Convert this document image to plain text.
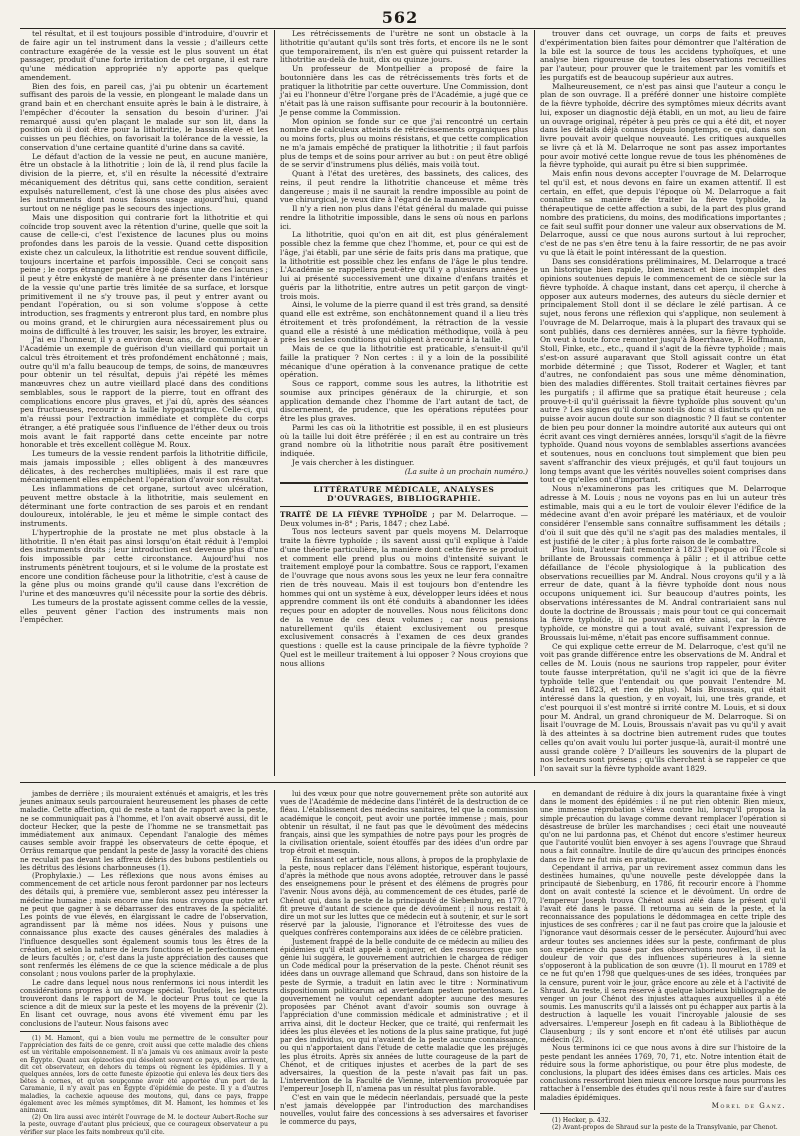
562

tel résultat, et il est toujours possible d'introduire, d'ouvrir et de faire agir un tel instrument dans la vessie ; d'ailleurs cette contracture exagérée de la vessie est le plus souvent un état passager, produit d'une forte irritation de cet organe, il est rare qu'une médication appropriée n'y apporte pas quelque amendement.

Bien des fois, en pareil cas, j'ai pu obtenir un écartement suffisant des parois de la vessie, en plongeant le malade dans un grand bain et en cherchant ensuite après le bain à le distraire, à l'empêcher d'écouter la sensation du besoin d'uriner. J'ai remarqué aussi qu'en plaçant le malade sur son lit, dans la position où il doit être pour la lithotritie, le bassin élevé et les cuisses un peu fléchies, on favorisait la tolérance de la vessie, la conservation d'une certaine quantité d'urine dans sa cavité.

Le défaut d'action de la vessie ne peut, en aucune manière, être un obstacle à la lithotritie ; loin de là, il rend plus facile la division de la pierre, et, s'il en résulte la nécessité d'extraire mécaniquement des détritus qui, sans cette condition, seraient expulsés naturellement, c'est là une chose des plus aisées avec les instruments dont nous faisons usage aujourd'hui, quand surtout on ne néglige pas le secours des injections.

Mais une disposition qui contrarie fort la lithotritie et qui coïncide trop souvent avec la rétention d'urine, quelle que soit la cause de celle-ci, c'est l'existence de lacunes plus ou moins profondes dans les parois de la vessie. Quand cette disposition existe chez un calculeux, la lithotritie est rendue souvent difficile, toujours incertaine et parfois impossible. Ceci se conçoit sans peine ; le corps étranger peut être logé dans une de ces lacunes ; il peut y être enkysté de manière à ne présenter dans l'intérieur de la vessie qu'une partie très limitée de sa surface, et lorsque primitivement il ne s'y trouve pas, il peut y entrer avant ou pendant l'opération, ou si son volume s'oppose à cette introduction, ses fragments y entreront plus tard, en nombre plus ou moins grand, et le chirurgien aura nécessairement plus ou moins de difficulté à les trouver, les saisir, les broyer, les extraire.

J'ai eu l'honneur, il y a environ deux ans, de communiquer à l'Académie un exemple de guérison d'un vieillard qui portait un calcul très étroitement et très profondément enchâtonné ; mais, outre qu'il m'a fallu beaucoup de temps, de soins, de manœuvres pour obtenir un tel résultat, depuis j'ai répété les mêmes manœuvres chez un autre vieillard placé dans des conditions semblables, sous le rapport de la pierre, tout en offrant des complications encore plus graves, et j'ai dû, après des séances peu fructueuses, recourir à la taille hypogastrique. Celle-ci, qui m'a réussi pour l'extraction immédiate et complète du corps étranger, a été pratiquée sous l'influence de l'éther deux ou trois mois avant le fait rapporté dans cette enceinte par notre honorable et très excellent collègue M. Roux.

Les tumeurs de la vessie rendent parfois la lithotritie difficile, mais jamais impossible ; elles obligent à des manœuvres délicates, à des recherches multipliées, mais il est rare que mécaniquement elles empêchent l'opération d'avoir son résultat.

Les inflammations de cet organe, surtout avec ulcération, peuvent mettre obstacle à la lithotritie, mais seulement en déterminant une forte contraction de ses parois et en rendant douloureux, intolérable, le jeu et même le simple contact des instruments.

L'hypertrophie de la prostate ne met plus obstacle à la lithotritie. Il n'en était pas ainsi lorsqu'on était réduit à l'emploi des instruments droits ; leur introduction est devenue plus d'une fois impossible par cette circonstance. Aujourd'hui nos instruments pénètrent toujours, et si le volume de la prostate est encore une condition fâcheuse pour la lithotritie, c'est à cause de la gêne plus ou moins grande qu'il cause dans l'excrétion de l'urine et des manœuvres qu'il nécessite pour la sortie des débris.

Les tumeurs de la prostate agissent comme celles de la vessie, elles peuvent gêner l'action des instruments mais non l'empêcher.

Les rétrécissements de l'urètre ne sont un obstacle à la lithotritie qu'autant qu'ils sont très forts, et encore ils ne le sont que temporairement, ils n'en est guère qui puissent retarder la lithotritie au-delà de huit, dix ou quinze jours.

Un professeur de Montpellier a proposé de faire la boutonnière dans les cas de rétrécissements très forts et de pratiquer la lithotritie par cette ouverture. Une Commission, dont j'ai eu l'honneur d'être l'organe près de l'Académie, a jugé que ce n'était pas là une raison suffisante pour recourir à la boutonnière. Je pense comme la Commission.

Mon opinion se fonde sur ce que j'ai rencontré un certain nombre de calculeux atteints de rétrécissements organiques plus ou moins forts, plus ou moins résistans, et que cette complication ne m'a jamais empêché de pratiquer la lithotritie ; il faut parfois plus de temps et de soins pour arriver au but : on peut être obligé de se servir d'instrumens plus déliés, mais voilà tout.

Quant à l'état des uretères, des bassinets, des calices, des reins, il peut rendre la lithotritie chanceuse et même très dangereuse ; mais il ne saurait la rendre impossible au point de vue chirurgical, je veux dire à l'égard de la manœuvre.

Il n'y a rien non plus dans l'état général du malade qui puisse rendre la lithotritie impossible, dans le sens où nous en parlons ici.

La lithotritie, quoi qu'on en ait dit, est plus généralement possible chez la femme que chez l'homme, et, pour ce qui est de l'âge, j'ai établi, par une série de faits pris dans ma pratique, que la lithotritie est possible chez les enfans de l'âge le plus tendre. L'Académie se rappellera peut-être qu'il y a plusieurs années je lui ai présenté successivement une dixaine d'enfans traités et guéris par la lithotritie, entre autres un petit garçon de vingt-trois mois.

Ainsi, le volume de la pierre quand il est très grand, sa densité quand elle est extrême, son enchâtonnement quand il a lieu très étroitement et très profondément, la rétraction de la vessie quand elle a résisté à une médication méthodique, voilà à peu près les seules conditions qui obligent à recourir à la taille.

Mais de ce que la lithotritie est praticable, s'ensuit-il qu'il faille la pratiquer ? Non certes : il y a loin de la possibilité mécanique d'une opération à la convenance pratique de cette opération.

Sous ce rapport, comme sous les autres, la lithotritie est soumise aux principes généraux de la chirurgie, et son application demande chez l'homme de l'art autant de tact, de discernement, de prudence, que les opérations réputées pour être les plus graves.

Parmi les cas où la lithotritie est possible, il en est plusieurs où la taille lui doit être préférée ; il en est au contraire un très grand nombre où la lithotritie nous paraît être positivement indiquée.

Je vais chercher à les distinguer.

(La suite à un prochain numéro.)

LITTÉRATURE MÉDICALE, ANALYSES D'OUVRAGES, BIBLIOGRAPHIE.

TRAITÉ DE LA FIÈVRE TYPHOÏDE ; par M. Delarroque. — Deux volumes in-8° ; Paris, 1847 ; chez Labé.

Tous nos lecteurs savent par quels moyens M. Delarroque traite la fièvre typhoïde ; ils savent aussi qu'il explique à l'aide d'une théorie particulière, la manière dont cette fièvre se produit et comment elle prend plus ou moins d'intensité suivant le traitement employé pour la combattre. Sous ce rapport, l'examen de l'ouvrage que nous avons sous les yeux ne leur fera connaître rien de très nouveau. Mais il est toujours bon d'entendre les hommes qui ont un système à eux, développer leurs idées et nous apprendre comment ils ont été conduits à abandonner les idées reçues pour en adopter de nouvelles. Nous nous félicitons donc de la venue de ces deux volumes ; car nous pensions naturellement qu'ils étaient exclusivement ou presque exclusivement consacrés à l'examen de ces deux grandes questions : quelle est la cause principale de la fièvre typhoïde ? Quel est le meilleur traitement à lui opposer ? Nous croyions que nous allions

trouver dans cet ouvrage, un corps de faits et preuves d'expérimentation bien faites pour démontrer que l'altération de la bile est la source de tous les accidens typhoïques, et une analyse bien rigoureuse de toutes les observations recueillies par l'auteur, pour prouver que le traitement par les vomitifs et les purgatifs est de beaucoup supérieur aux autres.

Malheureusement, ce n'est pas ainsi que l'auteur a conçu le plan de son ouvrage. Il a préféré donner une histoire complète de la fièvre typhoïde, décrire des symptômes mieux décrits avant lui, exposer un diagnostic déjà établi, en un mot, au lieu de faire un ouvrage original, répéter à peu près ce qui a été dit, et noyer dans les détails déjà connus depuis longtemps, ce qui, dans son livre pouvait avoir quelque nouveauté. Les critiques auxquelles se livre çà et là M. Delarroque ne sont pas assez importantes pour avoir motivé cette longue revue de tous les phénomènes de la fièvre typhoïde, qui aurait pu être si bien supprimée.

Mais enfin nous devons accepter l'ouvrage de M. Delarroque tel qu'il est, et nous devons en faire un examen attentif. Il est certain, en effet, que depuis l'époque où M. Delarroque a fait connaître sa manière de traiter la fièvre typhoïde, la thérapeutique de cette affection a subi, de la part des plus grand nombre des praticiens, du moins, des modifications importantes ; ce fait seul suffit pour donner une valeur aux observations de M. Delarroque, aussi ce que nous aurons surtout à lui reprocher, c'est de ne pas s'en être tenu à la faire ressortir, de ne pas avoir vu que là était le point intéressant de la question.

Dans ses considérations préliminaires, M. Delarroque a tracé un historique bien rapide, bien inexact et bien incomplet des opinions soutenues depuis le commencement de ce siècle sur la fièvre typhoïde. À chaque instant, dans cet aperçu, il cherche à opposer aux auteurs modernes, des auteurs du siècle dernier et principalement Stoll dont il se déclare le zélé partisan. À ce sujet, nous ferons une réflexion qui s'applique, non seulement à l'ouvrage de M. Delarroque, mais à la plupart des travaux qui se sont publiés, dans ces dernières années, sur la fièvre typhoïde. On veut à toute force remonter jusqu'à Boerrhaave, F. Hoffmann, Stoll, Finke, etc., etc., quand il s'agit de la fièvre typhoïde ; mais s'est-on assuré auparavant que Stoll agissait contre un état morbide déterminé ; que Tissot, Roderer et Wagler, et tant d'autres, ne confondaient pas sous une même dénomination, bien des maladies différentes. Stoll traitait certaines fièvres par les purgatifs ; il affirme que sa pratique était heureuse ; cela prouve-t-il qu'il guérissait la fièvre typhoïde plus souvent qu'un autre ? Les signes qu'il donne sont-ils donc si distincts qu'on ne puisse avoir aucun doute sur son diagnostic ? Il faut se contenter de bien peu pour donner la moindre autorité aux auteurs qui ont écrit avant ces vingt dernières années, lorsqu'il s'agit de la fièvre typhoïde. Quand nous voyons de semblables assertions avancées et soutenues, nous en concluons tout simplement que bien peu savent s'affranchir des vieux préjugés, et qu'il faut toujours un long temps avant que les vérités nouvelles soient comprises dans tout ce qu'elles ont d'important.

Nous n'examinerons pas les critiques que M. Delarroque adresse à M. Louis ; nous ne voyons pas en lui un auteur très estimable, mais qui a eu le tort de vouloir élever l'édifice de la médecine avant d'en avoir préparé les matériaux, et de vouloir considérer l'ensemble sans connaître suffisamment les détails ; d'où il suit que dès qu'il ne s'agit pas des maladies mentales, il est justifié de le citer ; à plus forte raison de le combattre.

Plus loin, l'auteur fait remonter à 1823 l'époque où l'École si brillante de Broussais commença à pâlir ; et il attribue cette défaillance de l'école physiologique à la publication des observations recueillies par M. Andral. Nous croyons qu'il y a là erreur de date, quant à la fièvre typhoïde dont nous nous occupons uniquement ici. Sur beaucoup d'autres points, les observations intéressantes de M. Andral contrariaient sans nul doute la doctrine de Broussais ; mais pour tout ce qui concernait la fièvre typhoïde, il ne pouvait en être ainsi, car la fièvre typhoïde, ce monstre qui a tout avalé, suivant l'expression de Broussais lui-même, n'était pas encore suffisamment connue.

Ce qui explique cette erreur de M. Delarroque, c'est qu'il ne voit pas grande différence entre les observations de M. Andral et celles de M. Louis (nous ne saurions trop rappeler, pour éviter toute fausse interprétation, qu'il ne s'agit ici que de la fièvre typhoïde telle que l'entendait ou que pouvait l'entendre M. Andral en 1823, et rien de plus). Mais Broussais, qui était intéressé dans la question, y en voyait, lui, une très grande, et c'est pourquoi il s'est montré si irrité contre M. Louis, et si doux pour M. Andral, un grand chroniqueur de M. Delarroque. Si on lisait l'ouvrage de M. Louis, Broussais n'avait pas vu qu'il y avait là des atteintes à sa doctrine bien autrement rudes que toutes celles qu'on avait voulu lui porter jusque-là, aurait-il montré une aussi grande colère ? D'ailleurs les souvenirs de la plupart de nos lecteurs sont présens ; qu'ils cherchent à se rappeler ce que l'on savait sur la fièvre typhoïde avant 1829.

jambes de derrière ; ils mouraient exténués et amaigris, et les très jeunes animaux seuls parcouraient heureusement les phases de cette maladie. Cette affection, qui de reste a tant de rapport avec la peste, ne se communiquait pas à l'homme, et l'on avait observé aussi, dit le docteur Hecker, que la peste de l'homme ne se transmettait pas immédiatement aux animaux. Cependant l'analogie des mêmes causes semble avoir frappé les observateurs de cette époque, et Orräus remarque que pendant la peste de Jassy la voracité des chiens ne reculait pas devant les affreux débris des bubons pestilentiels ou les détritus des lésions charbonneuses (1).

(Prophylaxie.) — Les réflexions que nous avons émises au commencement de cet article nous feront pardonner par nos lecteurs des détails qui, à première vue, sembleront assez peu intéresser la médecine humaine ; mais encore une fois nous croyons que notre art ne peut que gagner à se débarrasser des entraves de la spécialité. Les points de vue élevés, en élargissant le cadre de l'observation, agrandissent par là même nos idées. Nous y puisons une connaissance plus exacte des causes générales des maladies à l'influence desquelles sont également soumis tous les êtres de la création, et selon la nature de leurs fonctions et le perfectionnement de leurs facultés ; or, c'est dans la juste appréciation des causes que sont renfermés les élémens de ce que la science médicale a de plus consolant ; nous voulons parler de la prophylaxie.

Le cadre dans lequel nous nous renfermons ici nous interdit les considérations propres à un ouvrage spécial. Toutefois, les lecteurs trouveront dans le rapport de M. le docteur Prus tout ce que la science a dit de mieux sur la peste et les moyens de la prévenir (2). En lisant cet ouvrage, nous avons été vivement ému par les conclusions de l'auteur. Nous faisons avec

(1) M. Hamont, qui a bien voulu me permettre de le consulter pour l'appréciation des faits de ce genre, croit aussi que cette maladie des chiens est un véritable empoisonnement. Il n'a jamais vu ces animaux avoir la peste en Égypte. Quant aux épizooties qui désolent souvent ce pays, elles arrivent, dit cet observateur, en dehors du temps où règnent les épidémies. Il y a quelques années, lors de cette funeste épizootie qui enleva les deux tiers des bêtes à cornes, et qu'on soupçonne avoir été apportée d'un port de la Caramanie, il n'y avait pas en Égypte d'épidémie de peste. Il y a d'autres maladies, la cachexie aqueuse des moutons, qui, dans ce pays, frappe également avec les mêmes symptômes, dit M. Hamont, les hommes et les animaux.

(2) On lira aussi avec intérêt l'ouvrage de M. le docteur Aubert-Roche sur la peste, ouvrage d'autant plus précieux, que ce courageux observateur a pu vérifier sur place les faits nombreux qu'il cite.

lui des vœux pour que notre gouvernement prête son autorité aux vues de l'Académie de médecine dans l'intérêt de la destruction de ce fléau. L'établissement des médecins sanitaires, tel que la commission académique le conçoit, peut avoir une portée immense ; mais, pour obtenir un résultat, il ne faut pas que le dévoûment des médecins français, ainsi que les sympathies de notre pays pour les progrès de la civilisation orientale, soient étouffés par des idées d'un ordre par trop étroit et mesquin.

En finissant cet article, nous allons, à propos de la prophylaxie de la peste, nous replacer dans l'élément historique, espérant toujours, d'après la méthode que nous avons adoptée, retrouver dans le passé des enseignemens pour le présent et des élémens de progrès pour l'avenir. Nous avons déjà, au commencement de ces études, parlé de Chénot qui, dans la peste de la principauté de Siebenburg, en 1770, fit preuve d'autant de science que de dévoûment ; il nous restait à dire un mot sur les luttes que ce médecin eut à soutenir, et sur le sort réservé par la jalousie, l'ignorance et l'étroitesse des vues de quelques confrères contemporains aux idées de ce célèbre praticien.

Justement frappé de la belle conduite de ce médecin au milieu des épidémies qu'il était appelé à conjurer, et des ressources que son génie lui suggéra, le gouvernement autrichien le chargea de rédiger un Code médical pour la préservation de la peste. Chénot réunit ses idées dans un ouvrage allemand que Schraud, dans son histoire de la peste de Syrmie, a traduit en latin avec le titre : Norminativum dispositionum politicarum ad avertendam pestem portentosam. Le gouvernement ne voulut cependant adopter aucune des mesures proposées par Chénot avant d'avoir soumis son ouvrage à l'appréciation d'une commission médicale et administrative ; et il arriva ainsi, dit le docteur Hecker, que ce traité, qui renfermait les idées les plus élevées et les notions de la plus saine pratique, fut jugé par des individus, ou qui n'avaient de la peste aucune connaissance, ou qui n'apportaient dans l'étude de cette maladie que les préjugés les plus étroits. Après six années de lutte courageuse de la part de Chénot, et de critiques injustes et acerbes de la part de ses adversaires, la question de la peste n'avait pas fait un pas. L'intervention de la Faculté de Vienne, intervention provoquée par l'empereur Joseph II, n'amena pas un résultat plus favorable.

C'est en vain que le médecin néerlandais, persuadé que la peste n'est jamais développée par l'introduction des marchandises nouvelles, voulut faire des concessions à ses adversaires et favoriser le commerce du pays,

en demandant de réduire à dix jours la quarantaine fixée à vingt dans le moment des épidémies : il ne put rien obtenir. Bien mieux, une immense réprobation s'éleva contre lui, lorsqu'il proposa la simple précaution du lavage comme devant remplacer l'opération si désastreuse de brûler les marchandises ; ceci était une nouveauté qu'on ne lui pardonna pas, et Chénot dut encore s'estimer heureux que l'autorité voulût bien envoyer à ses agens l'ouvrage que Shraud nous a fait connaître. Inutile de dire qu'aucun des principes énoncés dans ce livre ne fut mis en pratique.

Cependant il arriva, par un revirement assez commun dans les destinées humaines, qu'une nouvelle peste développée dans la principauté de Siebenburg, en 1786, fit recourir encore à l'homme dont on avait contesté la science et le dévoûment. Un ordre de l'empereur Joseph trouva Chénot aussi zélé dans le présent qu'il l'avait été dans le passé. Il retourna au sein de la peste, et la reconnaissance des populations le dédommagea en cette triple des injustices de ses confrères ; car il ne faut pas croire que la jalousie et l'ignorance vaut désormais cesser de le persécuter. Aujourd'hui avec ardeur toutes ses anciennes idées sur la peste, confirmant de plus son expérience du passé par des observations nouvelles, il eut la douleur de voir que des influences supérieures à la sienne s'opposeront à la publication de son œuvre (1). Il mourut en 1789 et ce ne fut qu'en 1798 que quelques-unes de ses idées, tronquées par la censure, purent voir le jour, grâce encore au zèle et à l'activité de Shraud. Au reste, il sera réservé à quelque laborieux bibliographe de venger un jour Chénot des injustes attaques auxquelles il a été soumis. Les manuscrits qu'il a laissés ont pu échapper aux partis à la destruction à laquelle les vouait l'incroyable jalousie de ses adversaires. L'empereur Joseph en fit cadeau à la Bibliothèque de Clausenburg ; ils y sont encore et n'ont été utilisés par aucun médecin (2).

Nous terminons ici ce que nous avons à dire sur l'histoire de la peste pendant les années 1769, 70, 71, etc. Notre intention était de réduire sous la forme aphoristique, ou pour être plus modeste, de conclusions, la plupart des idées émises dans ces articles. Mais ces conclusions ressortiront bien mieux encore lorsque nous pourrons les rattacher à l'ensemble des études qu'il nous reste à faire sur d'autres maladies épidémiques.

Morel de Ganz.

(1) Hecker, p. 432.

(2) Avant-propos de Shraud sur la peste de la Transylvanie, par Chenot.
